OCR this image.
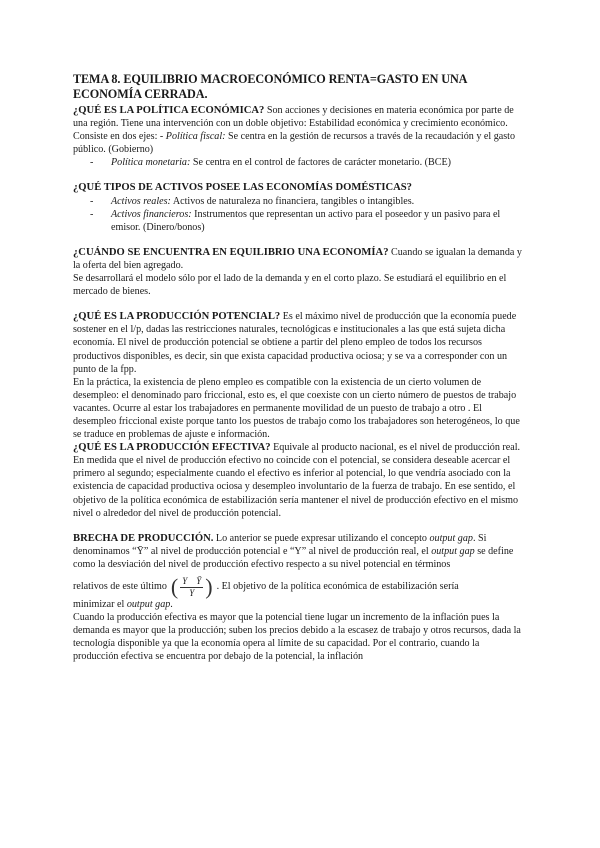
TEMA 8. EQUILIBRIO MACROECONÓMICO RENTA=GASTO EN UNA ECONOMÍA CERRADA.

¿QUÉ ES LA POLÍTICA ECONÓMICA? Son acciones y decisiones en materia económica por parte de una región. Tiene una intervención con un doble objetivo: Estabilidad económica y crecimiento económico.

Consiste en dos ejes: - Política fiscal: Se centra en la gestión de recursos a través de la recaudación y el gasto público. (Gobierno)

- Política monetaria: Se centra en el control de factores de carácter monetario. (BCE)

¿QUÉ TIPOS DE ACTIVOS POSEE LAS ECONOMÍAS DOMÉSTICAS?

- Activos reales: Activos de naturaleza no financiera, tangibles o intangibles.
- Activos financieros: Instrumentos que representan un activo para el poseedor y un pasivo para el emisor. (Dinero/bonos)

¿CUÁNDO SE ENCUENTRA EN EQUILIBRIO UNA ECONOMÍA? Cuando se igualan la demanda y la oferta del bien agregado.

Se desarrollará el modelo sólo por el lado de la demanda y en el corto plazo. Se estudiará el equilibrio en el mercado de bienes.

¿QUÉ ES LA PRODUCCIÓN POTENCIAL? Es el máximo nivel de producción que la economía puede sostener en el l/p, dadas las restricciones naturales, tecnológicas e institucionales a las que está sujeta dicha economía. El nivel de producción potencial se obtiene a partir del pleno empleo de todos los recursos productivos disponibles, es decir, sin que exista capacidad productiva ociosa; y se va a corresponder con un punto de la fpp.

En la práctica, la existencia de pleno empleo es compatible con la existencia de un cierto volumen de desempleo: el denominado paro friccional, esto es, el que coexiste con un cierto número de puestos de trabajo vacantes. Ocurre al estar los trabajadores en permanente movilidad de un puesto de trabajo a otro . El desempleo friccional existe porque tanto los puestos de trabajo como los trabajadores son heterogéneos, lo que se traduce en problemas de ajuste e información.

¿QUÉ ES LA PRODUCCIÓN EFECTIVA? Equivale al producto nacional, es el nivel de producción real. En medida que el nivel de producción efectivo no coincide con el potencial, se considera deseable acercar el primero al segundo; especialmente cuando el efectivo es inferior al potencial, lo que vendría asociado con la existencia de capacidad productiva ociosa y desempleo involuntario de la fuerza de trabajo. En ese sentido, el objetivo de la política económica de estabilización sería mantener el nivel de producción efectivo en el mismo nivel o alrededor del nivel de producción potencial.

BRECHA DE PRODUCCIÓN. Lo anterior se puede expresar utilizando el concepto output gap. Si denominamos “Ȳ” al nivel de producción potencial e “Y” al nivel de producción real, el output gap se define como la desviación del nivel de producción efectivo respecto a su nivel potencial en términos

relativos de este último ( $\frac{\text{Y    Ȳ}}{Y}$ ) . El objetivo de la política económica de estabilización sería

minimizar el output gap.

Cuando la producción efectiva es mayor que la potencial tiene lugar un incremento de la inflación pues la demanda es mayor que la producción; suben los precios debido a la escasez de trabajo y otros recursos, dada la tecnología disponible ya que la economía opera al límite de su capacidad. Por el contrario, cuando la producción efectiva se encuentra por debajo de la potencial, la inflación
